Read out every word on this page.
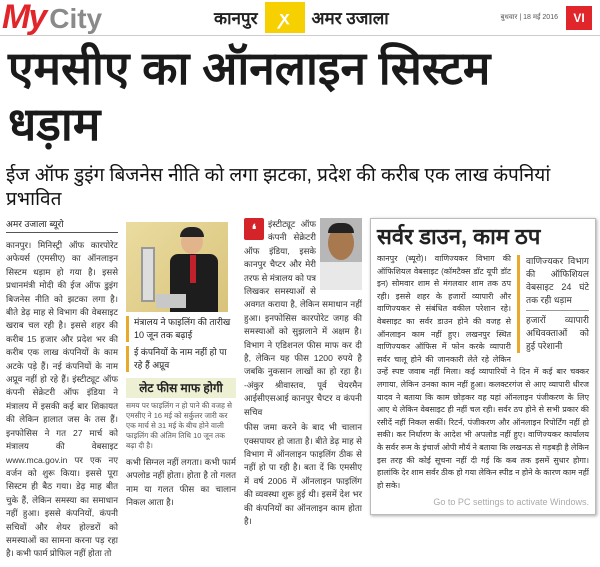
My City	कानपुर	ꭗ	अमर उजाला	बुधवार | 18 मई 2016	VI
एमसीए का ऑनलाइन सिस्टम धड़ाम
ईज ऑफ डुइंग बिजनेस नीति को लगा झटका, प्रदेश की करीब एक लाख कंपनियां प्रभावित
अमर उजाला ब्यूरो
कानपुर। मिनिस्ट्री ऑफ कारपोरेट अफेयर्स (एमसीए) का ऑनलाइन सिस्टम धड़ाम हो गया है। इससे प्रधानमंत्री मोदी की ईज ऑफ डुइंग बिजनेस नीति को झटका लगा है। बीते डेढ़ माह से विभाग की वेबसाइट खराब चल रही है। इससे शहर की करीब 15 हजार और प्रदेश भर की करीब एक लाख कंपनियों के काम अटके पड़े हैं। नई कंपनियों के नाम अप्रूव नहीं हो रहे हैं। इंस्टीट्यूट ऑफ कंपनी सेक्रेटरी ऑफ इंडिया ने मंत्रालय में इसकी कई बार शिकायत की लेकिन हालात जस के तस हैं। इनफोसिस ने गत 27 मार्च को मंत्रालय की वेबसाइट www.mca.gov.in पर एक नए वर्जन को शुरू किया। इससे पूरा सिस्टम ही बैठ गया। डेढ़ माह बीत चुके हैं, लेकिन समस्या का समाधान नहीं हुआ। इससे कंपनियों, कंपनी सचिवों और शेयर होल्डरों को समस्याओं का सामना करना पड़ रहा है। कभी फार्म प्रोफिल नहीं होता तो
मंत्रालय ने फाइलिंग की तारीख 10 जून तक बढ़ाई
ई कंपनियों के नाम नहीं हो पा रहे हैं अप्रूव
लेट फीस माफ होगी
समय पर फाइलिंग न हो पाने की वजह से एमसीए ने 16 मई को सर्कुलर जारी कर एक मार्च से 31 मई के बीच होने वाली फाइलिंग की अंतिम तिथि 10 जून तक बढ़ा दी है।
कभी सिग्नल नहीं लगता। कभी फार्म अपलोड नहीं होता। होता है तो गलत नाम या गलत फीस का चालान निकल आता है।
❛	इंस्टीट्यूट ऑफ कंपनी सेक्रेटरी ऑफ इंडिया, इसके कानपुर चैप्टर और मेरी तरफ से मंत्रालय को पत्र लिखकर समस्याओं से अवगत कराया है, लेकिन समाधान नहीं हुआ। इनफोसिस कारपोरेट जगह की समस्याओं को सुझलाने में अक्षम है। विभाग ने एडिशनल फीस माफ कर दी है, लेकिन यह फीस 1200 रुपये है जबकि नुकसान लाखों का हो रहा है। -अंकुर श्रीवास्तव, पूर्व चेयरमैन आईसीएसआई कानपुर चैप्टर व कंपनी सचिव
फीस जमा करने के बाद भी चालान एक्सपायर हो जाता है। बीते डेढ़ माह से विभाग में ऑनलाइन फाइलिंग ठीक से नहीं हो पा रही है। बता दें कि एमसीए में वर्ष 2006 में ऑनलाइन फाइलिंग की व्यवस्था शुरू हुई थी। इसमें देश भर की कंपनियों का ऑनलाइन काम होता है।
सर्वर डाउन, काम ठप
वाणिज्यकर विभाग की ऑफिशियल वेबसाइट 24 घंटे तक रही धड़ाम
हजारों व्यापारी अधिवक्ताओं को हुई परेशानी
कानपुर (ब्यूरो)। वाणिज्यकर विभाग की ऑफिशियल वेबसाइट (कॉमटैक्स डॉट यूपी डॉट इन) सोमवार शाम से मंगलवार शाम तक ठप रही। इससे शहर के हजारों व्यापारी और वाणिज्यकर से संबंधित वकील परेशान रहे। वेबसाइट का सर्वर डाउन होने की वजह से ऑनलाइन काम नहीं हुए। लखनपुर स्थित वाणिज्यकर ऑफिस में फोन करके व्यापारी सर्वर चालू होने की जानकारी लेते रहे लेकिन उन्हें स्पष्ट जवाब नहीं मिला। कई व्यापारियों ने दिन में कई बार चक्कर लगाया, लेकिन उनका काम नहीं हुआ। कलक्टरगंज से आए व्यापारी धीरज यादव ने बताया कि काम छोड़कर वह यहां ऑनलाइन पंजीकरण के लिए आए थे लेकिन वेबसाइट ही नहीं चल रही। सर्वर ठप होने से सभी प्रकार की रसीदें नहीं निकल सकीं। रिटर्न, पंजीकरण और ऑनलाइन रिपोर्टिंग नहीं हो सकी। कर निर्धारण के आदेश भी अपलोड नहीं हुए। वाणिज्यकर कार्यालय के सर्वर रूम के इंचार्ज ओपी मौर्य ने बताया कि लखनऊ से गड़बड़ी है लेकिन इस तरह की कोई सूचना नहीं दी गई कि कब तक इसमें सुधार होगा। हालांकि देर शाम सर्वर ठीक हो गया लेकिन स्पीड न होने के कारण काम नहीं हो सके।
Go to PC settings to activate Windows.
